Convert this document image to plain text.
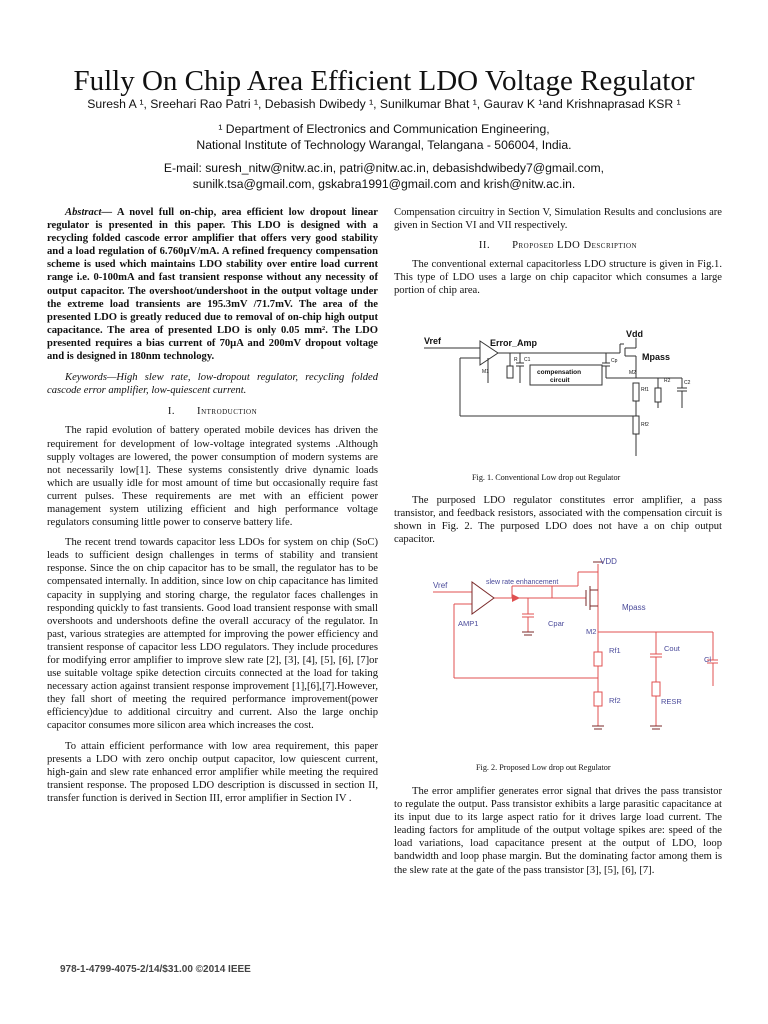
Fully On Chip Area Efficient LDO Voltage Regulator
Suresh A ¹, Sreehari Rao Patri ¹, Debasish Dwibedy ¹, Sunilkumar Bhat ¹, Gaurav K ¹and Krishnaprasad KSR ¹
¹ Department of Electronics and Communication Engineering,
National Institute of Technology Warangal, Telangana - 506004, India.
E-mail: suresh_nitw@nitw.ac.in, patri@nitw.ac.in, debasishdwibedy7@gmail.com,
sunilk.tsa@gmail.com, gskabra1991@gmail.com and krish@nitw.ac.in.
Abstract— A novel full on-chip, area efficient low dropout linear regulator is presented in this paper. This LDO is designed with a recycling folded cascode error amplifier that offers very good stability and a load regulation of 6.760µV/mA. A refined frequency compensation scheme is used which maintains LDO stability over entire load current range i.e. 0-100mA and fast transient response without any necessity of output capacitor. The overshoot/undershoot in the output voltage under the extreme load transients are 195.3mV /71.7mV. The area of the presented LDO is greatly reduced due to removal of on-chip high output capacitance. The area of presented LDO is only 0.05 mm². The LDO presented requires a bias current of 70µA and 200mV dropout voltage and is designed in 180nm technology.
Keywords—High slew rate, low-dropout regulator, recycling folded cascode error amplifier, low-quiescent current.
I. Introduction

The rapid evolution of battery operated mobile devices has driven the requirement for development of low-voltage integrated systems .Although supply voltages are lowered, the power consumption of modern systems are not necessarily low[1]. These systems consistently drive dynamic loads which are usually idle for most amount of time but occasionally require fast current pulses. These requirements are met with an efficient power management system utilizing efficient and high performance voltage regulators consuming little power to conserve battery life.

The recent trend towards capacitor less LDOs for system on chip (SoC) leads to sufficient design challenges in terms of stability and transient response. Since the on chip capacitor has to be small, the regulator has to be compensated internally. In addition, since low on chip capacitance has limited capacity in supplying and storing charge, the regulator faces challenges in responding quickly to fast transients. Good load transient response with small overshoots and undershoots define the overall accuracy of the regulator. In past, various strategies are attempted for improving the power efficiency and transient response of capacitor less LDO regulators. They include procedures for modifying error amplifier to improve slew rate [2], [3], [4], [5], [6], [7]or use suitable voltage spike detection circuits connected at the load for taking necessary action against transient response improvement [1],[6],[7].However, they fall short of meeting the required performance improvement(power efficiency)due to additional circuitry and current. Also the large onchip capacitor consumes more silicon area which increases the cost.

To attain efficient performance with low area requirement, this paper presents a LDO with zero onchip output capacitor, low quiescent current, high-gain and slew rate enhanced error amplifier while meeting the required transient response. The proposed LDO description is discussed in section II, transfer function is derived in Section III, error amplifier in Section IV .

Compensation circuitry in Section V, Simulation Results and conclusions are given in Section VI and VII respectively.

II. Proposed LDO Description

The conventional external capacitorless LDO structure is given in Fig.1. This type of LDO uses a large on chip capacitor which consumes a large portion of chip area.

Vref
Vdd
Error_Amp
Mpass
compensation
circuit
M1	M2
R C1	Cp
Rf1
Rf2
R2	C2
Fig. 1. Conventional Low drop out Regulator

The purposed LDO regulator constitutes error amplifier, a pass transistor, and feedback resistors, associated with the compensation circuit is shown in Fig. 2. The purposed LDO does not have a on chip output capacitor.

Vref
VDD
slew rate enhancement
AMP1
Mpass
M2
Cpar
Rf1
Rf2
Cout
RESR
Cl
Fig. 2. Proposed Low drop out Regulator

The error amplifier generates error signal that drives the pass transistor to regulate the output. Pass transistor exhibits a large parasitic capacitance at its input due to its large aspect ratio for it drives large load current. The leading factors for amplitude of the output voltage spikes are: speed of the load variations, load capacitance present at the output of LDO, loop bandwidth and loop phase margin. But the dominating factor among them is the slew rate at the gate of the pass transistor [3], [5], [6], [7].

978-1-4799-4075-2/14/$31.00 ©2014 IEEE
